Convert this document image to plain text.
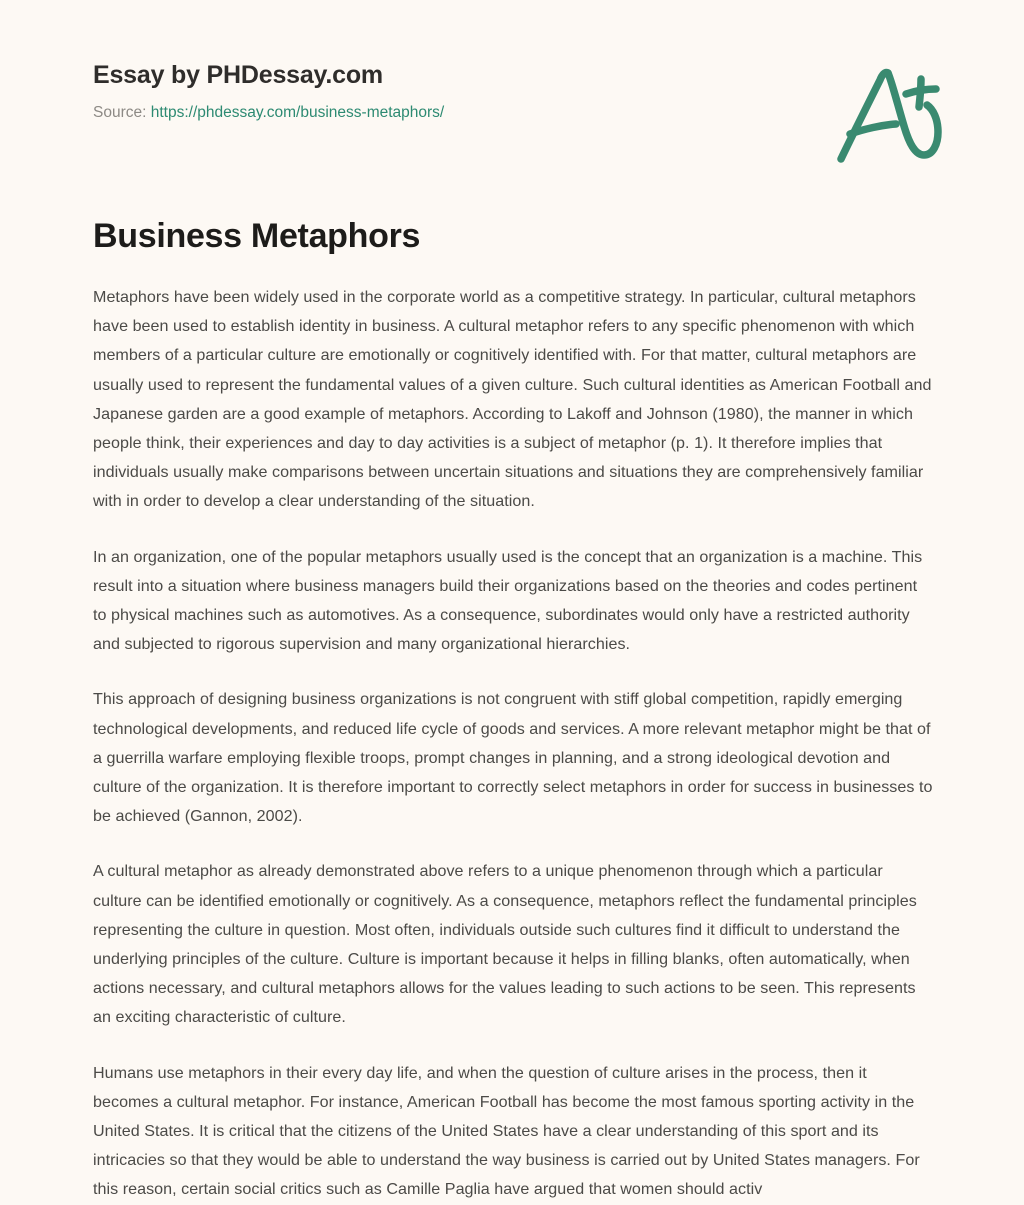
Essay by PHDessay.com
Source: https://phdessay.com/business-metaphors/
Business Metaphors

Metaphors have been widely used in the corporate world as a competitive strategy. In particular, cultural metaphors have been used to establish identity in business. A cultural metaphor refers to any specific phenomenon with which members of a particular culture are emotionally or cognitively identified with. For that matter, cultural metaphors are usually used to represent the fundamental values of a given culture. Such cultural identities as American Football and Japanese garden are a good example of metaphors. According to Lakoff and Johnson (1980), the manner in which people think, their experiences and day to day activities is a subject of metaphor (p. 1). It therefore implies that individuals usually make comparisons between uncertain situations and situations they are comprehensively familiar with in order to develop a clear understanding of the situation.

In an organization, one of the popular metaphors usually used is the concept that an organization is a machine. This result into a situation where business managers build their organizations based on the theories and codes pertinent to physical machines such as automotives. As a consequence, subordinates would only have a restricted authority and subjected to rigorous supervision and many organizational hierarchies.

This approach of designing business organizations is not congruent with stiff global competition, rapidly emerging technological developments, and reduced life cycle of goods and services. A more relevant metaphor might be that of a guerrilla warfare employing flexible troops, prompt changes in planning, and a strong ideological devotion and culture of the organization. It is therefore important to correctly select metaphors in order for success in businesses to be achieved (Gannon, 2002).

A cultural metaphor as already demonstrated above refers to a unique phenomenon through which a particular culture can be identified emotionally or cognitively. As a consequence, metaphors reflect the fundamental principles representing the culture in question. Most often, individuals outside such cultures find it difficult to understand the underlying principles of the culture. Culture is important because it helps in filling blanks, often automatically, when actions necessary, and cultural metaphors allows for the values leading to such actions to be seen. This represents an exciting characteristic of culture.

Humans use metaphors in their every day life, and when the question of culture arises in the process, then it becomes a cultural metaphor. For instance, American Football has become the most famous sporting activity in the United States. It is critical that the citizens of the United States have a clear understanding of this sport and its intricacies so that they would be able to understand the way business is carried out by United States managers. For this reason, certain social critics such as Camille Paglia have argued that women should activ
